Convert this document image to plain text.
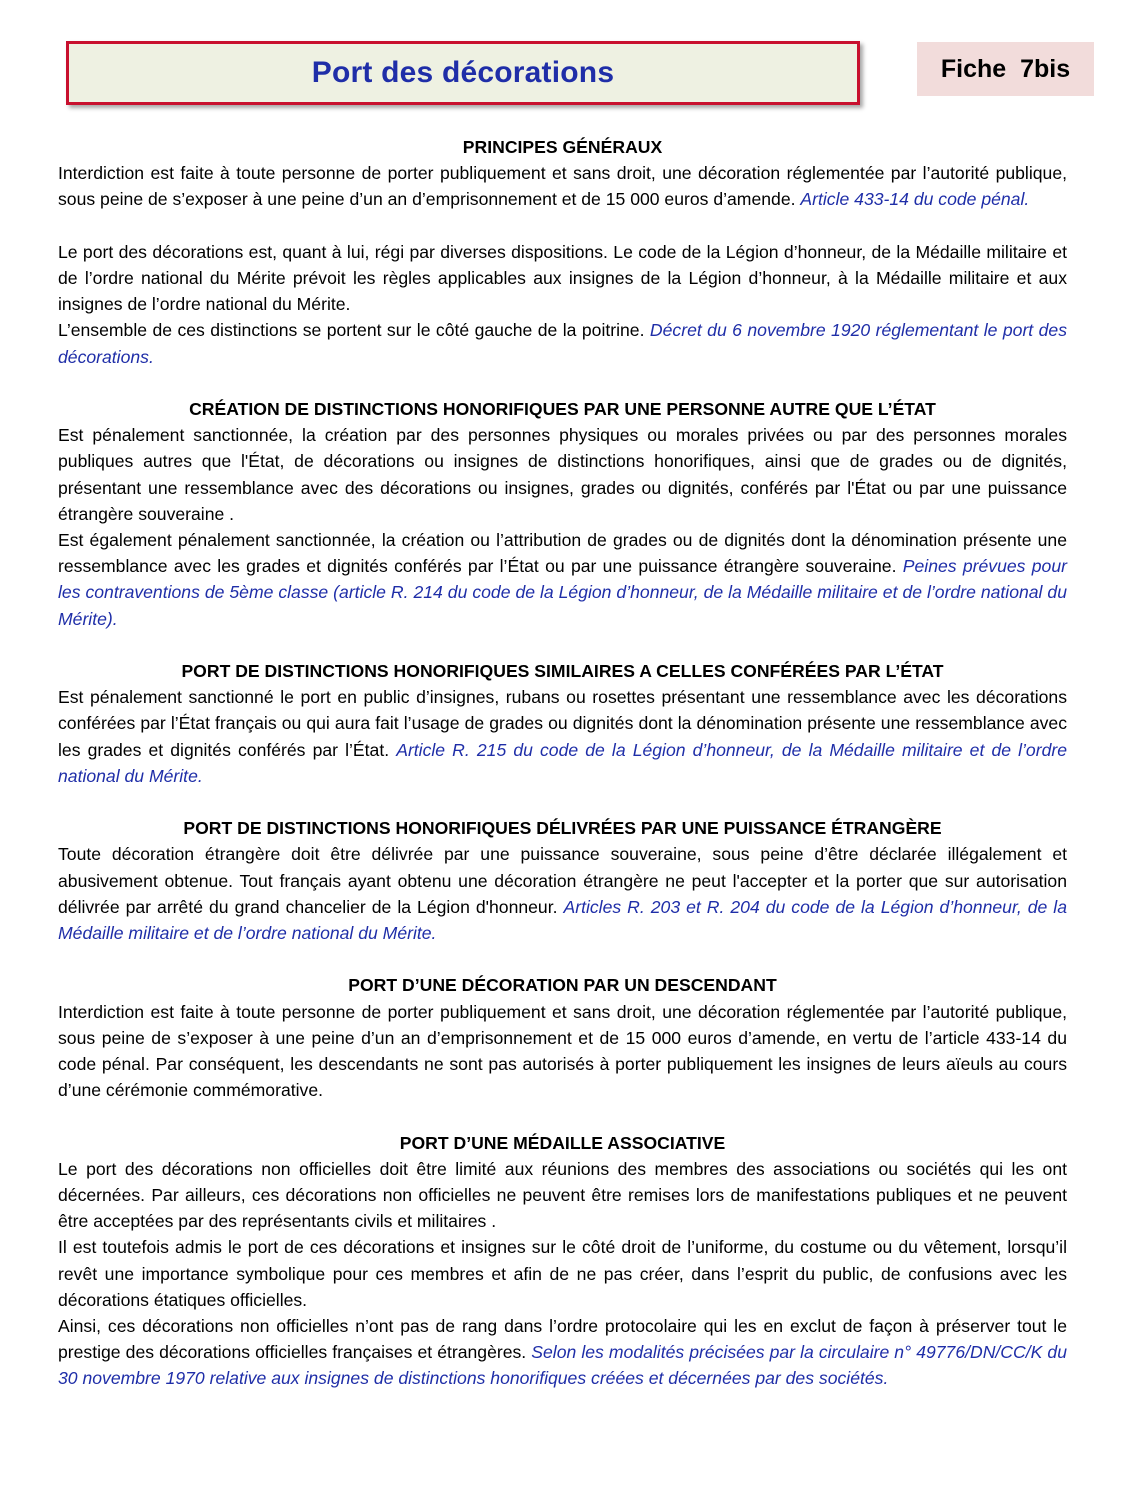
Port des décorations	Fiche  7bis

PRINCIPES GÉNÉRAUX

Interdiction est faite à toute personne de porter publiquement et sans droit, une décoration réglementée par l’autorité publique, sous peine de s’exposer à une peine d’un an d’emprisonnement et de 15 000 euros d’amende. Article 433-14 du code pénal.

Le port des décorations est, quant à lui, régi par diverses dispositions. Le code de la Légion d’honneur, de la Médaille militaire et de l’ordre national du Mérite prévoit les règles applicables aux insignes de la Légion d’honneur, à la Médaille militaire et aux insignes de l’ordre national du Mérite.

L’ensemble de ces distinctions se portent sur le côté gauche de la poitrine. Décret du 6 novembre 1920 réglementant le port des décorations.

CRÉATION DE DISTINCTIONS HONORIFIQUES PAR UNE PERSONNE AUTRE QUE L’ÉTAT

Est pénalement sanctionnée, la création par des personnes physiques ou morales privées ou par des personnes morales publiques autres que l'État, de décorations ou insignes de distinctions honorifiques, ainsi que de grades ou de dignités, présentant une ressemblance avec des décorations ou insignes, grades ou dignités, conférés par l'État ou par une puissance étrangère souveraine .

Est également pénalement sanctionnée, la création ou l’attribution de grades ou de dignités dont la dénomination présente une ressemblance avec les grades et dignités conférés par l’État ou par une puissance étrangère souveraine. Peines prévues pour les contraventions de 5ème classe (article R. 214 du code de la Légion d’honneur, de la Médaille militaire et de l’ordre national du Mérite).

PORT DE DISTINCTIONS HONORIFIQUES SIMILAIRES A CELLES CONFÉRÉES PAR L’ÉTAT

Est pénalement sanctionné le port en public d’insignes, rubans ou rosettes présentant une ressemblance avec les décorations conférées par l’État français ou qui aura fait l’usage de grades ou dignités dont la dénomination présente une ressemblance avec les grades et dignités conférés par l’État. Article R. 215 du code de la Légion d’honneur, de la Médaille militaire et de l’ordre national du Mérite.

PORT DE DISTINCTIONS HONORIFIQUES DÉLIVRÉES PAR UNE PUISSANCE ÉTRANGÈRE

Toute décoration étrangère doit être délivrée par une puissance souveraine, sous peine d’être déclarée illégalement et abusivement obtenue. Tout français ayant obtenu une décoration étrangère ne peut l'accepter et la porter que sur autorisation délivrée par arrêté du grand chancelier de la Légion d'honneur. Articles R. 203 et R. 204 du code de la Légion d’honneur, de la Médaille militaire et de l’ordre national du Mérite.

PORT D’UNE DÉCORATION PAR UN DESCENDANT

Interdiction est faite à toute personne de porter publiquement et sans droit, une décoration réglementée par l’autorité publique, sous peine de s’exposer à une peine d’un an d’emprisonnement et de 15 000 euros d’amende, en vertu de l’article 433-14 du code pénal. Par conséquent, les descendants ne sont pas autorisés à porter publiquement les insignes de leurs aïeuls au cours d’une cérémonie commémorative.

PORT D’UNE MÉDAILLE ASSOCIATIVE

Le port des décorations non officielles doit être limité aux réunions des membres des associations ou sociétés qui les ont décernées. Par ailleurs, ces décorations non officielles ne peuvent être remises lors de manifestations publiques et ne peuvent être acceptées par des représentants civils et militaires .

Il est toutefois admis le port de ces décorations et insignes sur le côté droit de l’uniforme, du costume ou du vêtement, lorsqu’il revêt une importance symbolique pour ces membres et afin de ne pas créer, dans l’esprit du public, de confusions avec les décorations étatiques officielles.

Ainsi, ces décorations non officielles n’ont pas de rang dans l’ordre protocolaire qui les en exclut de façon à préserver tout le prestige des décorations officielles françaises et étrangères. Selon les modalités précisées par la circulaire n° 49776/DN/CC/K du 30 novembre 1970 relative aux insignes de distinctions honorifiques créées et décernées par des sociétés.
